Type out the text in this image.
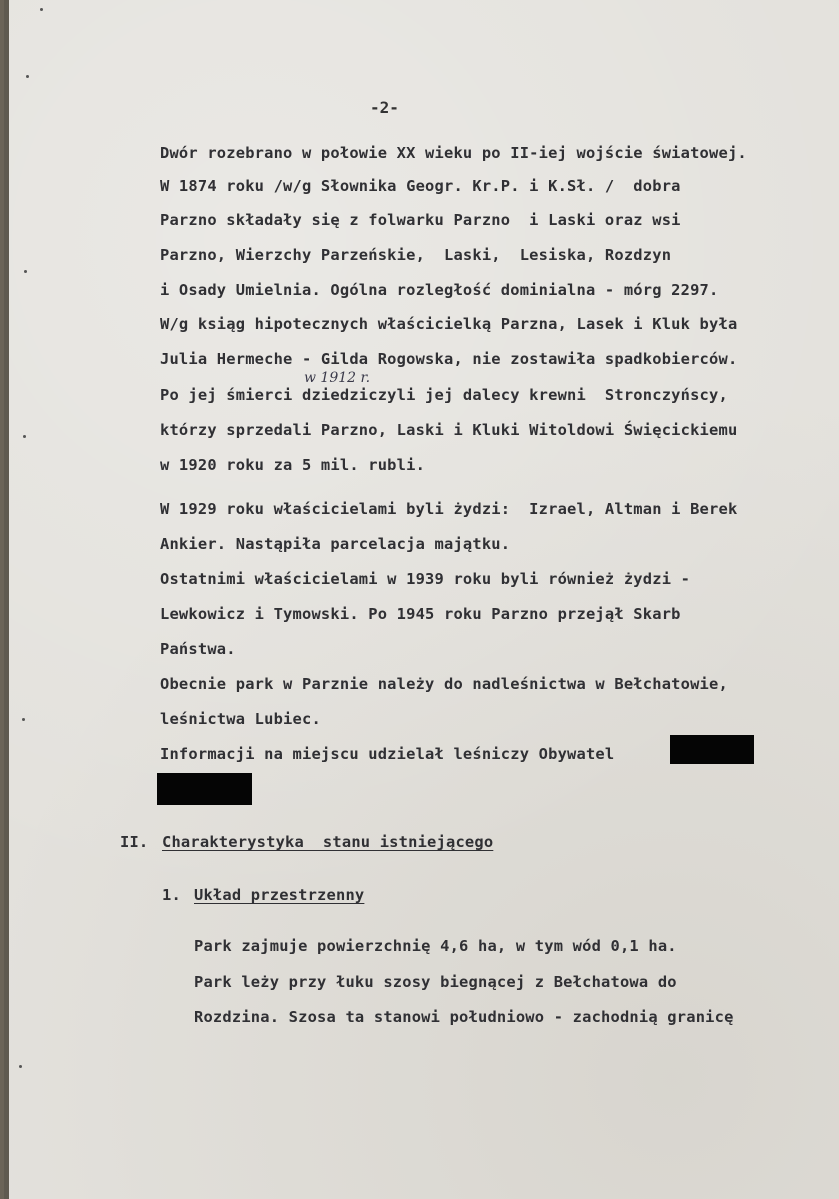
-2-
Dwór rozebrano w połowie XX wieku po II-iej wojście światowej.
W 1874 roku /w/g Słownika Geogr. Kr.P. i K.Sł. /  dobra
Parzno składały się z folwarku Parzno  i Laski oraz wsi
Parzno, Wierzchy Parzeńskie,  Laski,  Lesiska, Rozdzyn
i Osady Umielnia. Ogólna rozległość dominialna - mórg 2297.
W/g ksiąg hipotecznych właścicielką Parzna, Lasek i Kluk była
Julia Hermeche - Gilda Rogowska, nie zostawiła spadkobierców.
w 1912 r.
Po jej śmierci dziedziczyli jej dalecy krewni  Stronczyńscy,
którzy sprzedali Parzno, Laski i Kluki Witoldowi Święcickiemu
w 1920 roku za 5 mil. rubli.
W 1929 roku właścicielami byli żydzi:  Izrael, Altman i Berek
Ankier. Nastąpiła parcelacja majątku.
Ostatnimi właścicielami w 1939 roku byli również żydzi -
Lewkowicz i Tymowski. Po 1945 roku Parzno przejął Skarb
Państwa.
Obecnie park w Parznie należy do nadleśnictwa w Bełchatowie,
leśnictwa Lubiec.
Informacji na miejscu udzielał leśniczy Obywatel
II. Charakterystyka  stanu istniejącego
1. Układ przestrzenny
Park zajmuje powierzchnię 4,6 ha, w tym wód 0,1 ha.
Park leży przy łuku szosy biegnącej z Bełchatowa do
Rozdzina. Szosa ta stanowi południowo - zachodnią granicę
